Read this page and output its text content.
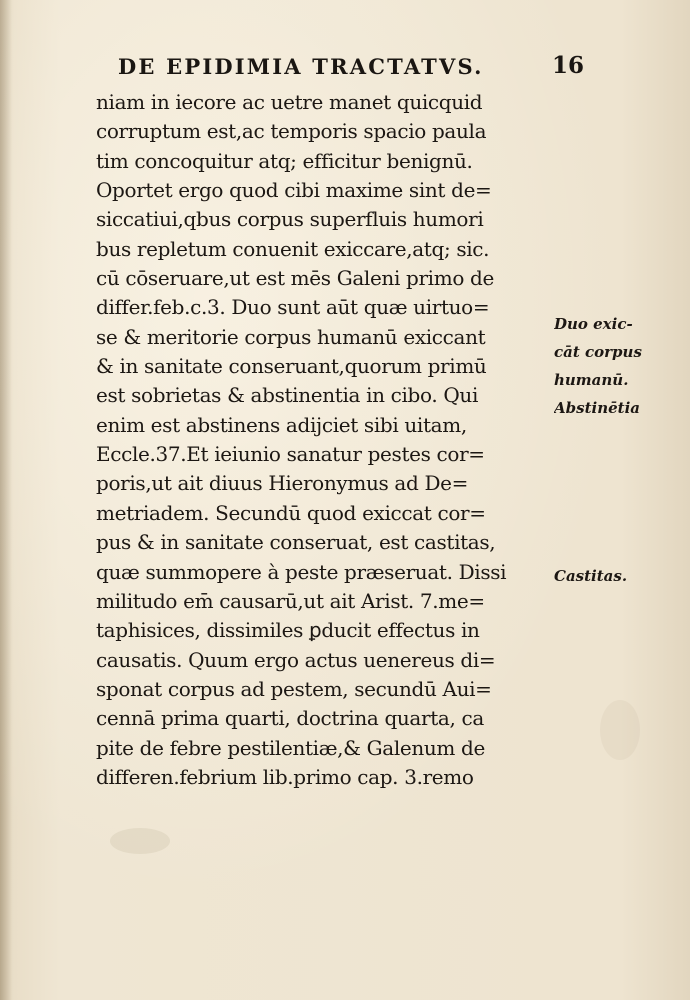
DE EPIDIMIA TRACTATVS.	16
niam in iecore ac uetre manet quicquid
corruptum est,ac temporis spacio paula
tim concoquitur atq; efficitur benignū.
Oportet ergo quod cibi maxime sint de=
siccatiui,qbus corpus superfluis humori
bus repletum conuenit exiccare,atq; sic.
cū cōseruare,ut est mēs Galeni primo de
differ.feb.c.3. Duo sunt aūt quæ uirtuo=
se & meritorie corpus humanū exiccant
& in sanitate conseruant,quorum primū
est sobrietas & abstinentia in cibo. Qui
enim est abstinens adijciet sibi uitam,
Eccle.37.Et ieiunio sanatur pestes cor=
poris,ut ait diuus Hieronymus ad De=
metriadem. Secundū quod exiccat cor=
pus & in sanitate conseruat, est castitas,
quæ summopere à peste præseruat. Dissi
militudo em̄ causarū,ut ait Arist. 7.me=
taphisices, dissimiles ꝑducit effectus in
causatis. Quum ergo actus uenereus di=
sponat corpus ad pestem, secundū Aui=
cennā prima quarti, doctrina quarta, ca
pite de febre pestilentiæ,& Galenum de
differen.febrium lib.primo cap. 3.remo
Duo exic-
cāt corpus
humanū.
Abstinētia
Castitas.
